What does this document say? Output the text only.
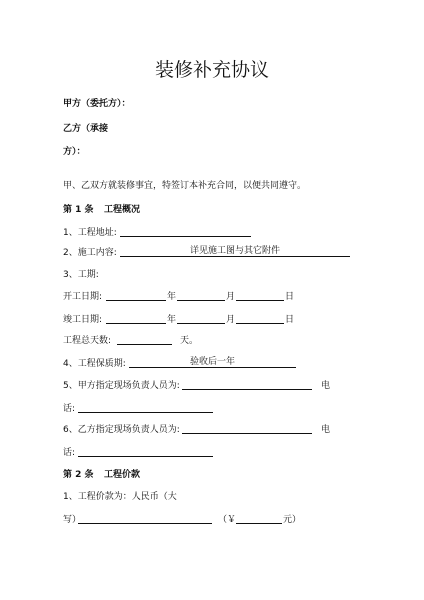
装修补充协议
甲方（委托方）：
乙方（承接
方）：
甲、乙双方就装修事宜，特签订本补充合同，以便共同遵守。
第 1 条 工程概况
1、工程地址:
2、施工内容:	详见施工图与其它附件
3、工期:
开工日期:	年	月	日
竣工日期:	年	月	日
工程总天数:	天。
4、工程保质期:	验收后一年
5、甲方指定现场负责人员为:	电
话:
6、乙方指定现场负责人员为:	电
话:
第 2 条 工程价款
1、工程价款为：人民币（大
写）	（￥	元）
